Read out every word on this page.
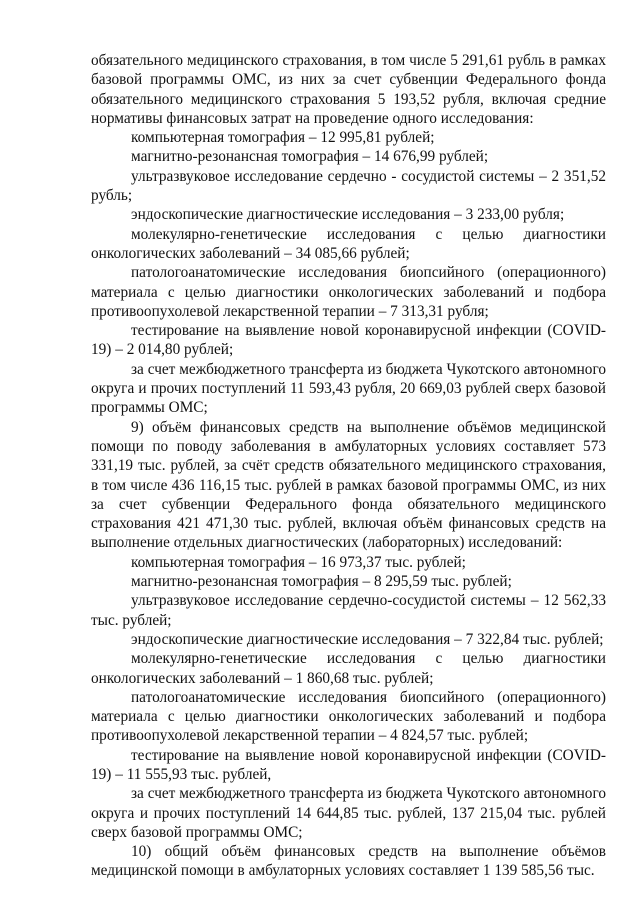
обязательного медицинского страхования, в том числе 5 291,61 рубль в рамках базовой программы ОМС, из них за счет субвенции Федерального фонда обязательного медицинского страхования 5 193,52 рубля, включая средние нормативы финансовых затрат на проведение одного исследования:

компьютерная томография – 12 995,81 рублей;

магнитно-резонансная томография – 14 676,99 рублей;

ультразвуковое исследование сердечно - сосудистой системы – 2 351,52 рубль;

эндоскопические диагностические исследования – 3 233,00 рубля;

молекулярно-генетические исследования с целью диагностики онкологических заболеваний – 34 085,66 рублей;

патологоанатомические исследования биопсийного (операционного) материала с целью диагностики онкологических заболеваний и подбора противоопухолевой лекарственной терапии – 7 313,31 рубля;

тестирование на выявление новой коронавирусной инфекции (COVID-19) – 2 014,80 рублей;

за счет межбюджетного трансферта из бюджета Чукотского автономного округа и прочих поступлений 11 593,43 рубля, 20 669,03 рублей сверх базовой программы ОМС;

9) объём финансовых средств на выполнение объёмов медицинской помощи по поводу заболевания в амбулаторных условиях составляет 573 331,19 тыс. рублей, за счёт средств обязательного медицинского страхования, в том числе 436 116,15 тыс. рублей в рамках базовой программы ОМС, из них за счет субвенции Федерального фонда обязательного медицинского страхования 421 471,30 тыс. рублей, включая объём финансовых средств на выполнение отдельных диагностических (лабораторных) исследований:

компьютерная томография – 16 973,37 тыс. рублей;

магнитно-резонансная томография – 8 295,59 тыс. рублей;

ультразвуковое исследование сердечно-сосудистой системы – 12 562,33 тыс. рублей;

эндоскопические диагностические исследования – 7 322,84 тыс. рублей;

молекулярно-генетические исследования с целью диагностики онкологических заболеваний – 1 860,68 тыс. рублей;

патологоанатомические исследования биопсийного (операционного) материала с целью диагностики онкологических заболеваний и подбора противоопухолевой лекарственной терапии – 4 824,57 тыс. рублей;

тестирование на выявление новой коронавирусной инфекции (COVID-19) – 11 555,93 тыс. рублей,

за счет межбюджетного трансферта из бюджета Чукотского автономного округа и прочих поступлений 14 644,85 тыс. рублей, 137 215,04 тыс. рублей сверх базовой программы ОМС;

10) общий объём финансовых средств на выполнение объёмов медицинской помощи в амбулаторных условиях составляет 1 139 585,56 тыс.
